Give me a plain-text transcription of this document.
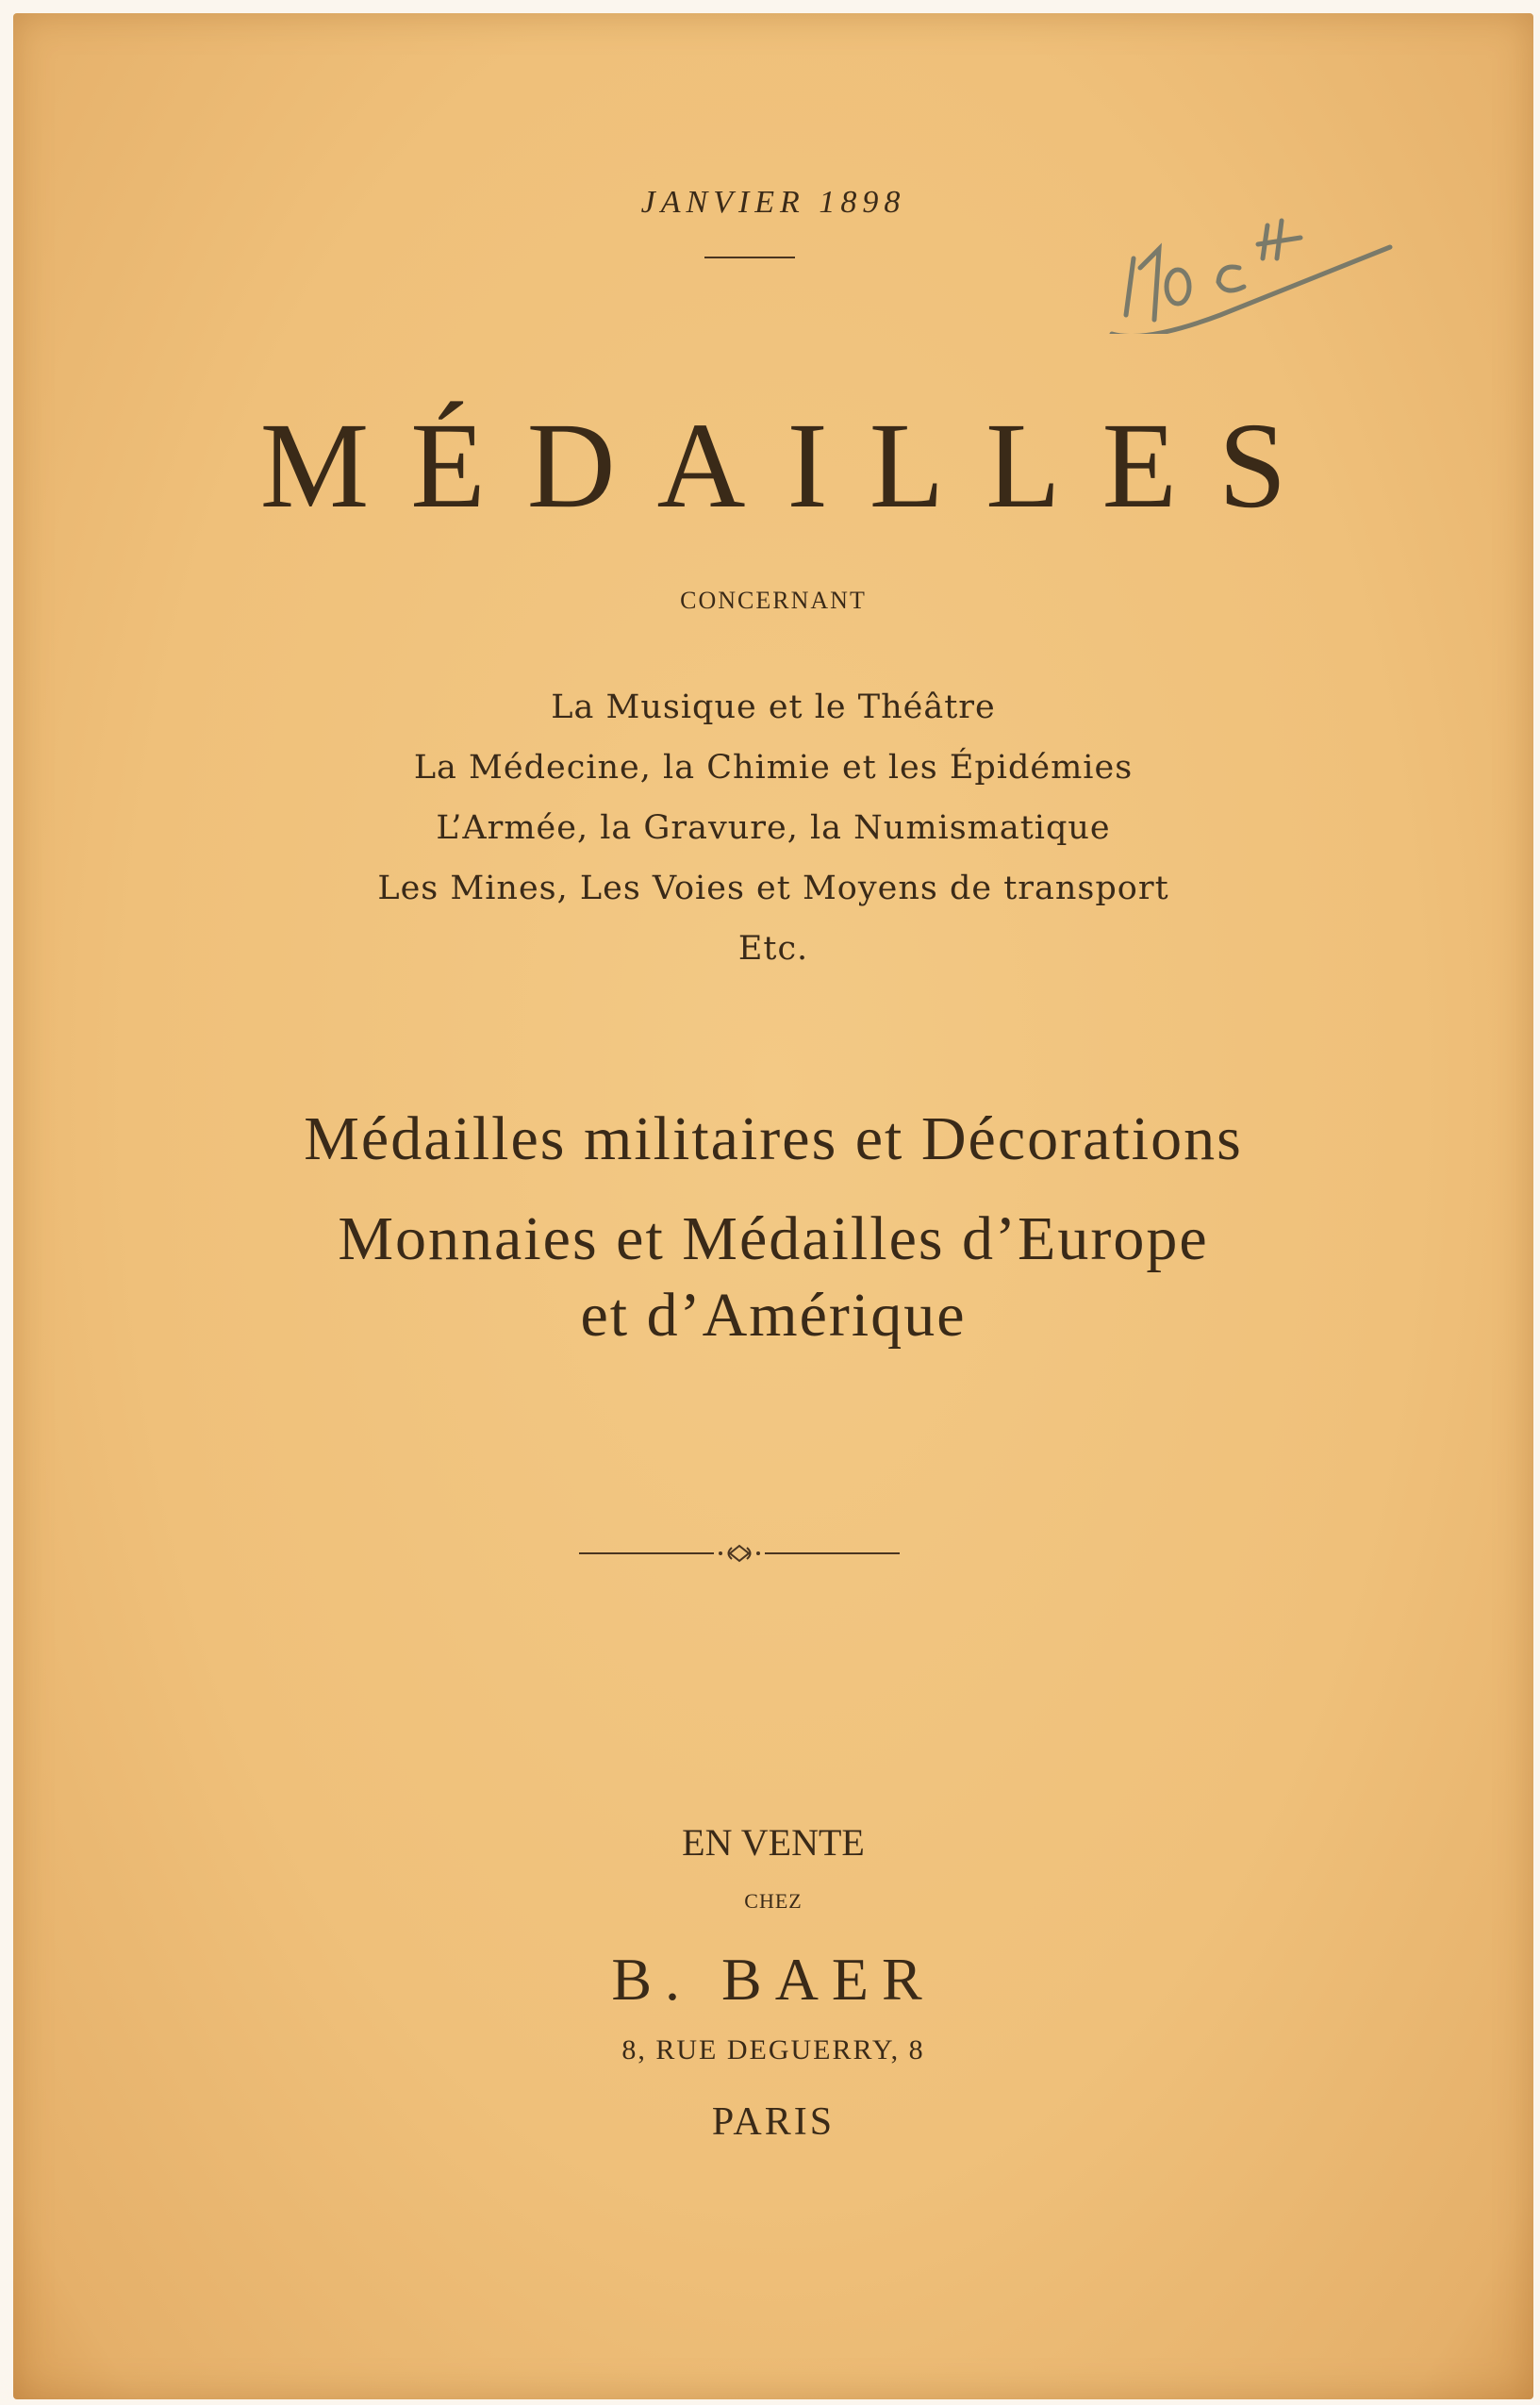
JANVIER 1898
MÉDAILLES
CONCERNANT
La Musique et le Théâtre
La Médecine, la Chimie et les Épidémies
L’Armée, la Gravure, la Numismatique
Les Mines, Les Voies et Moyens de transport
Etc.
Médailles militaires et Décorations
Monnaies et Médailles d’Europe
et d’Amérique
EN VENTE
CHEZ
B. BAER
8, RUE DEGUERRY, 8
PARIS
